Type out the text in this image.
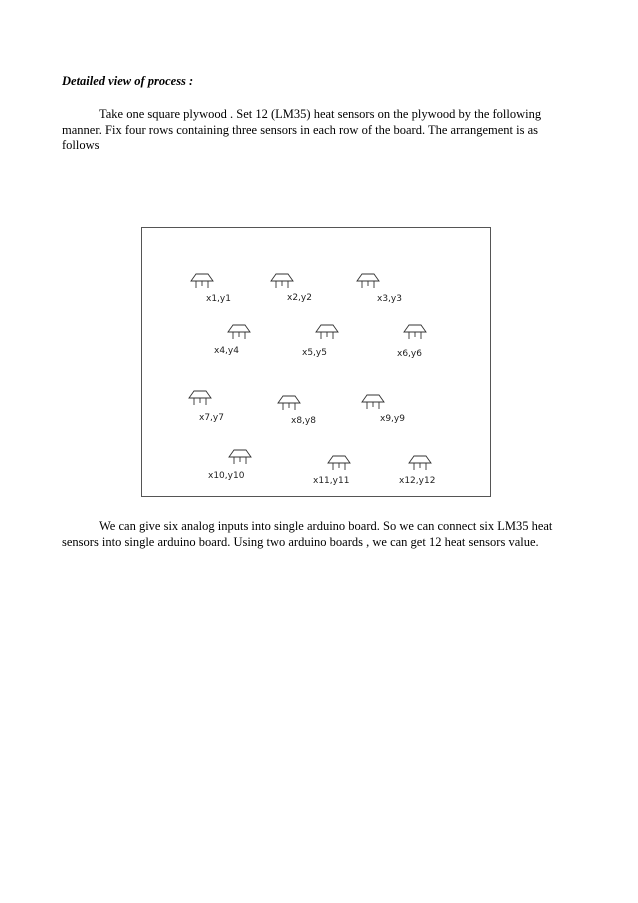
Detailed view of process :

Take one square plywood . Set 12 (LM35) heat sensors on the plywood by the following manner. Fix four rows containing three sensors in each row of the board. The arrangement is as follows

x1,y1	x2,y2	x3,y3
x4,y4	x5,y5	x6,y6
x7,y7	x8,y8	x9,y9
x10,y10	x11,y11	x12,y12

We can give six analog inputs into single arduino board. So we can connect six LM35 heat sensors into single arduino board. Using two arduino boards , we can get 12 heat sensors value.
